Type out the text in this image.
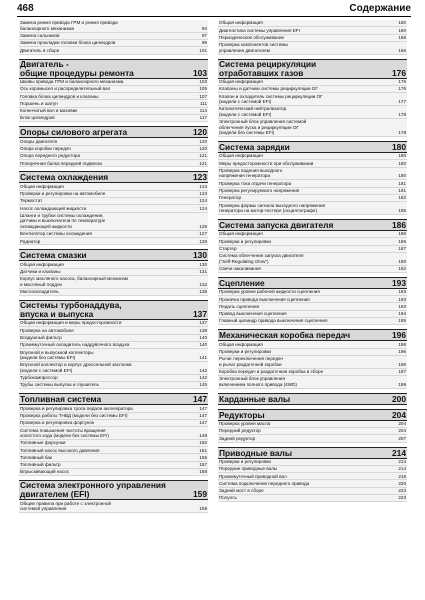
468	Содержание
Замена ремня привода ГРМ и ремня привода
балансирного механизма	94
Замена сальников	97
Замена прокладки головки блока цилиндров	99
Двигатель в сборе	101
Двигатель -
общие процедуры ремонта	103
Шкивы привода ГРМ и балансирного механизма	103
Ось коромысел и распределительный вал	105
Головка блока цилиндров и клапаны	107
Поршень и шатун	111
Коленчатый вал и маховик	114
Блок цилиндров	117
Опоры силового агрегата	120
Опоры двигателя	120
Опора коробки передач	120
Опора переднего редуктора	121
Поперечная балка передней подвески	121
Система охлаждения	123
Общая информация	123
Проверки и регулировки на автомобиле	123
Термостат	124
Насос охлаждающей жидкости	124
Шланги и трубки системы охлаждения,
датчики и выключатели по температуре
охлаждающей жидкости	125
Вентилятор системы охлаждения	127
Радиатор	128
Система смазки	130
Общая информация	130
Датчики и клапаны	131
Корпус масляного насоса, балансирный механизм
и масляный поддон	132
Маслоохладитель	135
Системы турбонаддува,
впуска и выпуска	137
Общая информация и меры предосторожности	137
Проверка на автомобиле	138
Воздушный фильтр	140
Промежуточный охладитель наддувочного воздуха	140
Впускной и выпускной коллекторы
(модели без системы EFI)	141
Впускной коллектор и корпус дроссельной заслонки
(модели с системой EFI)	142
Турбокомпрессор	142
Трубы системы выпуска и глушитель	145
Топливная система	147
Проверка и регулировка троса педали акселератора	147
Проверка работы ТНВД (модели без системы EFI)	147
Проверка и регулировка форсунок	147
Система повышения частоты вращения
холостого хода (модели без системы EFI)	148
Топливные форсунки	150
Топливный насос высокого давления	151
Топливный бак	155
Топливный фильтр	157
Впрыскивающий насос	158
Система электронного управления
двигателем (EFI)	159
Общие правила при работе с электронной
системой управления	159
Общая информация	160
Диагностика системы управления EFI	160
Периодическое обслуживание	166
Проверка компонентов системы
управления двигателем	166
Система рециркуляции
отработавших газов	176
Общая информация	176
Клапаны и датчики системы рециркуляции ОГ	176
Клапан и охладитель системы рециркуляции ОГ
(модели с системой EFI)	177
Каталитический нейтрализатор
(модели с системой EFI)	178
Электронный блок управления системой
облегчения пуска и рециркуляции ОГ
(модели без системы EFI)	178
Система зарядки	180
Общая информация	180
Меры предосторожности при обслуживании	180
Проверка падения выходного
напряжения генератора	180
Проверка тока отдачи генератора	181
Проверка регулируемого напряжения	181
Генератор	182
Проверка формы сигнала выходного напряжения
генератора на мотор-тестере (осциллографе)	185
Система запуска двигателя	186
Общая информация	186
Проверки и регулировки	186
Стартер	187
Система облегчения запуска двигателя
("Self-Regulating Glow")	190
Свечи накаливания	192
Сцепление	193
Проверка уровня рабочей жидкости сцепления	193
Прокачка привода выключения сцепления	193
Педаль сцепления	193
Привод выключения сцепления	194
Главный цилиндр привода выключения сцепления	195
Механическая коробка передач	196
Общая информация	196
Проверки и регулировки	196
Рычаг переключения передач
и рычаг раздаточной коробки	196
Коробка передач и раздаточная коробка в сборе	197
Электронный блок управления
включением полного привода (4WD)	199
Карданные валы	200
Редукторы	204
Проверка уровня масла	204
Передний редуктор	204
Задний редуктор	207
Приводные валы	214
Проверки и регулировки	214
Передние приводные валы	214
Промежуточный приводной вал	218
Система подключения переднего привода	220
Задний мост в сборе	223
Полуось	223
